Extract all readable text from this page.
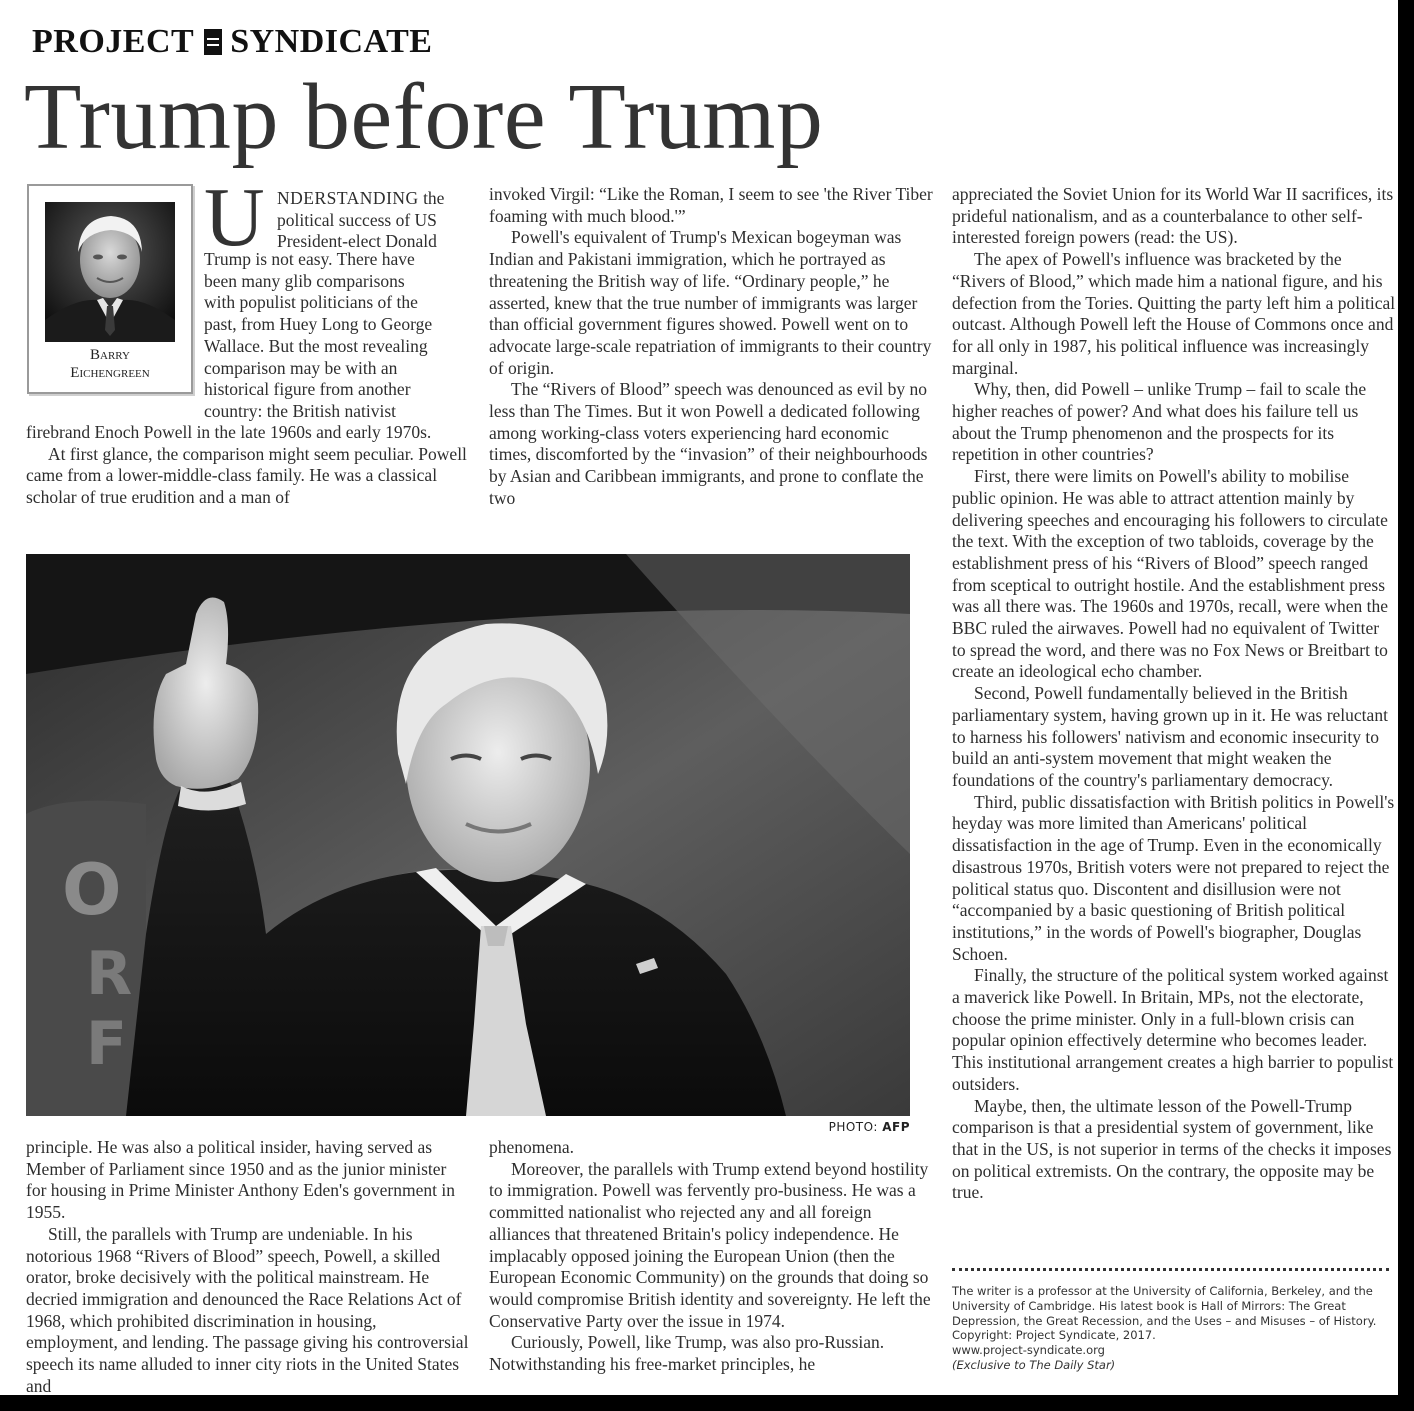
PROJECT SYNDICATE
Trump before Trump
Barry
Eichengreen
U NDERSTANDING the
political success of US
President-elect Donald
Trump is not easy. There have
been many glib comparisons
with populist politicians of the
past, from Huey Long to George
Wallace. But the most revealing
comparison may be with an
historical figure from another
country: the British nativist

firebrand Enoch Powell in the late 1960s and early 1970s.

At first glance, the comparison might seem peculiar. Powell came from a lower-middle-class family. He was a classical scholar of true erudition and a man of

invoked Virgil: “Like the Roman, I seem to see 'the River Tiber foaming with much blood.'”

Powell's equivalent of Trump's Mexican bogeyman was Indian and Pakistani immigration, which he portrayed as threatening the British way of life. “Ordinary people,” he asserted, knew that the true number of immigrants was larger than official government figures showed. Powell went on to advocate large-scale repatriation of immigrants to their country of origin.

The “Rivers of Blood” speech was denounced as evil by no less than The Times. But it won Powell a dedicated following among working-class voters experiencing hard economic times, discomforted by the “invasion” of their neighbourhoods by Asian and Caribbean immigrants, and prone to conflate the two

appreciated the Soviet Union for its World War II sacrifices, its prideful nationalism, and as a counterbalance to other self-interested foreign powers (read: the US).

The apex of Powell's influence was bracketed by the “Rivers of Blood,” which made him a national figure, and his defection from the Tories. Quitting the party left him a political outcast. Although Powell left the House of Commons once and for all only in 1987, his political influence was increasingly marginal.

Why, then, did Powell – unlike Trump – fail to scale the higher reaches of power? And what does his failure tell us about the Trump phenomenon and the prospects for its repetition in other countries?

First, there were limits on Powell's ability to mobilise public opinion. He was able to attract attention mainly by delivering speeches and encouraging his followers to circulate the text. With the exception of two tabloids, coverage by the establishment press of his “Rivers of Blood” speech ranged from sceptical to outright hostile. And the establishment press was all there was. The 1960s and 1970s, recall, were when the BBC ruled the airwaves. Powell had no equivalent of Twitter to spread the word, and there was no Fox News or Breitbart to create an ideological echo chamber.

Second, Powell fundamentally believed in the British parliamentary system, having grown up in it. He was reluctant to harness his followers' nativism and economic insecurity to build an anti-system movement that might weaken the foundations of the country's parliamentary democracy.

Third, public dissatisfaction with British politics in Powell's heyday was more limited than Americans' political dissatisfaction in the age of Trump. Even in the economically disastrous 1970s, British voters were not prepared to reject the political status quo. Discontent and disillusion were not “accompanied by a basic questioning of British political institutions,” in the words of Powell's biographer, Douglas Schoen.

Finally, the structure of the political system worked against a maverick like Powell. In Britain, MPs, not the electorate, choose the prime minister. Only in a full-blown crisis can popular opinion effectively determine who becomes leader. This institutional arrangement creates a high barrier to populist outsiders.

Maybe, then, the ultimate lesson of the Powell-Trump comparison is that a presidential system of government, like that in the US, is not superior in terms of the checks it imposes on political extremists. On the contrary, the opposite may be true.

O
R
F
PHOTO: AFP

principle. He was also a political insider, having served as Member of Parliament since 1950 and as the junior minister for housing in Prime Minister Anthony Eden's government in 1955.

Still, the parallels with Trump are undeniable. In his notorious 1968 “Rivers of Blood” speech, Powell, a skilled orator, broke decisively with the political mainstream. He decried immigration and denounced the Race Relations Act of 1968, which prohibited discrimination in housing, employment, and lending. The passage giving his controversial speech its name alluded to inner city riots in the United States and

phenomena.

Moreover, the parallels with Trump extend beyond hostility to immigration. Powell was fervently pro-business. He was a committed nationalist who rejected any and all foreign alliances that threatened Britain's policy independence. He implacably opposed joining the European Union (then the European Economic Community) on the grounds that doing so would compromise British identity and sovereignty. He left the Conservative Party over the issue in 1974.

Curiously, Powell, like Trump, was also pro-Russian. Notwithstanding his free-market principles, he

The writer is a professor at the University of California, Berkeley, and the University of Cambridge. His latest book is Hall of Mirrors: The Great Depression, the Great Recession, and the Uses – and Misuses – of History.
Copyright: Project Syndicate, 2017.
www.project-syndicate.org
(Exclusive to The Daily Star)
